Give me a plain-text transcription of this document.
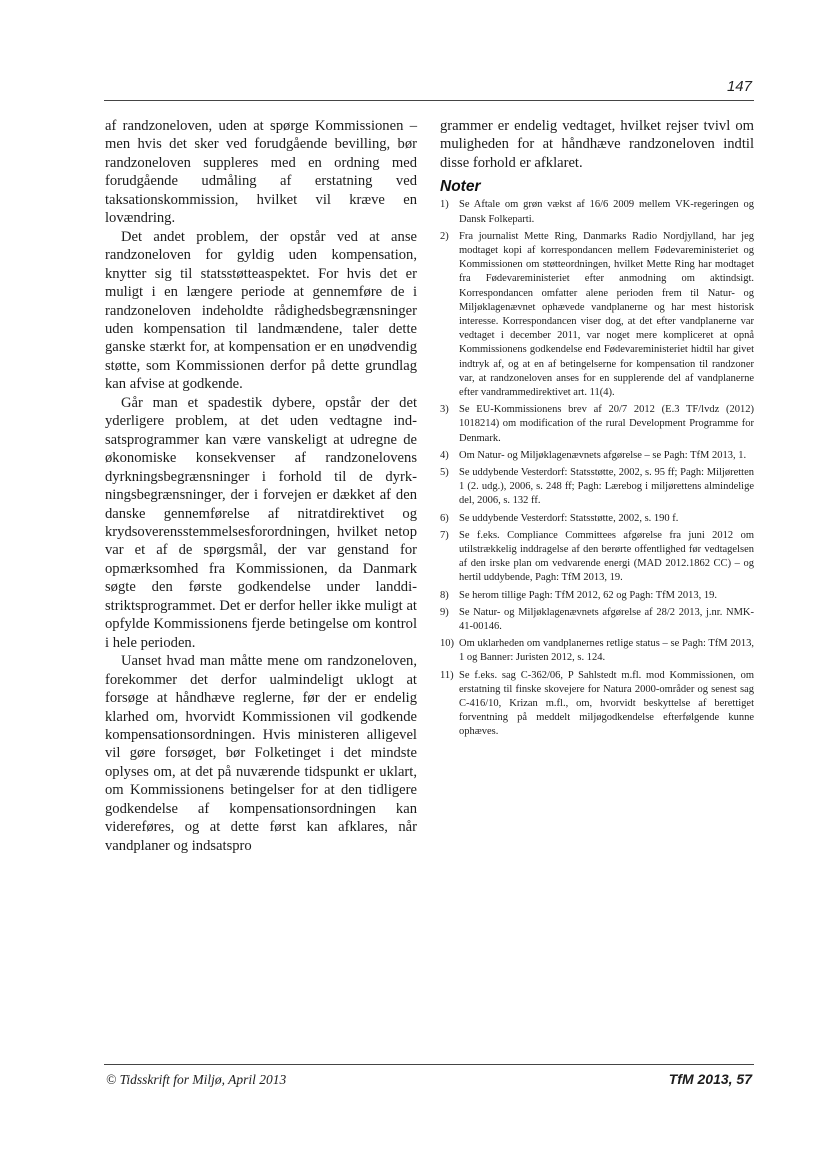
147

af randzoneloven, uden at spørge Kommissionen – men hvis det sker ved forudgående bevilling, bør randzoneloven suppleres med en ordning med forudgående udmåling af erstatning ved taksationskommission, hvilket vil kræve en lovændring.

Det andet problem, der opstår ved at anse randzoneloven for gyldig uden kompensation, knytter sig til statsstøtteaspektet. For hvis det er muligt i en længere periode at gennemføre de i randzoneloven indeholdte rådighedsbegrænsninger uden kompensation til landmændene, taler dette ganske stærkt for, at kompensation er en unødvendig støtte, som Kommissionen derfor på dette grundlag kan afvise at godkende.

Går man et spadestik dybere, opstår der det yderligere problem, at det uden vedtagne indsatsprogrammer kan være vanskeligt at udregne de økonomiske konsekvenser af randzonelovens dyrkningsbegrænsninger i forhold til de dyrkningsbegrænsninger, der i forvejen er dækket af den danske gennemførelse af nitratdirektivet og krydsoverensstemmelsesforordningen, hvilket netop var et af de spørgsmål, der var genstand for opmærksomhed fra Kommissionen, da Danmark søgte den første godkendelse under landdistriktsprogrammet. Det er derfor heller ikke muligt at opfylde Kommissionens fjerde betingelse om kontrol i hele perioden.

Uanset hvad man måtte mene om randzoneloven, forekommer det derfor ualmindeligt uklogt at forsøge at håndhæve reglerne, før der er endelig klarhed om, hvorvidt Kommissionen vil godkende kompensationsordningen. Hvis ministeren alligevel vil gøre forsøget, bør Folketinget i det mindste oplyses om, at det på nuværende tidspunkt er uklart, om Kommissionens betingelser for at den tidligere godkendelse af kompensationsordningen kan videreføres, og at dette først kan afklares, når vandplaner og indsatspro

grammer er endelig vedtaget, hvilket rejser tvivl om muligheden for at håndhæve randzoneloven indtil disse forhold er afklaret.

Noter
1) Se Aftale om grøn vækst af 16/6 2009 mellem VK-regeringen og Dansk Folkeparti.
2) Fra journalist Mette Ring, Danmarks Radio Nordjylland, har jeg modtaget kopi af korrespondancen mellem Fødevareministeriet og Kommissionen om støtteordningen, hvilket Mette Ring har modtaget fra Fødevareministeriet efter anmodning om aktindsigt. Korrespondancen omfatter alene perioden frem til Natur- og Miljøklagenævnet ophævede vandplanerne og har mest historisk interesse. Korrespondancen viser dog, at det efter vandplanerne var vedtaget i december 2011, var noget mere kompliceret at opnå Kommissionens godkendelse end Fødevareministeriet hidtil har givet indtryk af, og at en af betingelserne for kompensation til randzoner var, at randzoneloven anses for en supplerende del af vandplanerne efter vandrammedirektivet art. 11(4).
3) Se EU-Kommissionens brev af 20/7 2012 (E.3 TF/lvdz (2012) 1018214) om modification of the rural Development Programme for Denmark.
4) Om Natur- og Miljøklagenævnets afgørelse – se Pagh: TfM 2013, 1.
5) Se uddybende Vesterdorf: Statsstøtte, 2002, s. 95 ff; Pagh: Miljøretten 1 (2. udg.), 2006, s. 248 ff; Pagh: Lærebog i miljørettens almindelige del, 2006, s. 132 ff.
6) Se uddybende Vesterdorf: Statsstøtte, 2002, s. 190 f.
7) Se f.eks. Compliance Committees afgørelse fra juni 2012 om utilstrækkelig inddragelse af den berørte offentlighed før vedtagelsen af den irske plan om vedvarende energi (MAD 2012.1862 CC) – og hertil uddybende, Pagh: TfM 2013, 19.
8) Se herom tillige Pagh: TfM 2012, 62 og Pagh: TfM 2013, 19.
9) Se Natur- og Miljøklagenævnets afgørelse af 28/2 2013, j.nr. NMK-41-00146.
10) Om uklarheden om vandplanernes retlige status – se Pagh: TfM 2013, 1 og Banner: Juristen 2012, s. 124.
11) Se f.eks. sag C-362/06, P Sahlstedt m.fl. mod Kommissionen, om erstatning til finske skovejere for Natura 2000-områder og senest sag C-416/10, Krizan m.fl., om, hvorvidt beskyttelse af berettiget forventning på meddelt miljøgodkendelse efterfølgende kunne ophæves.
© Tidsskrift for Miljø, April 2013	TfM 2013, 57
